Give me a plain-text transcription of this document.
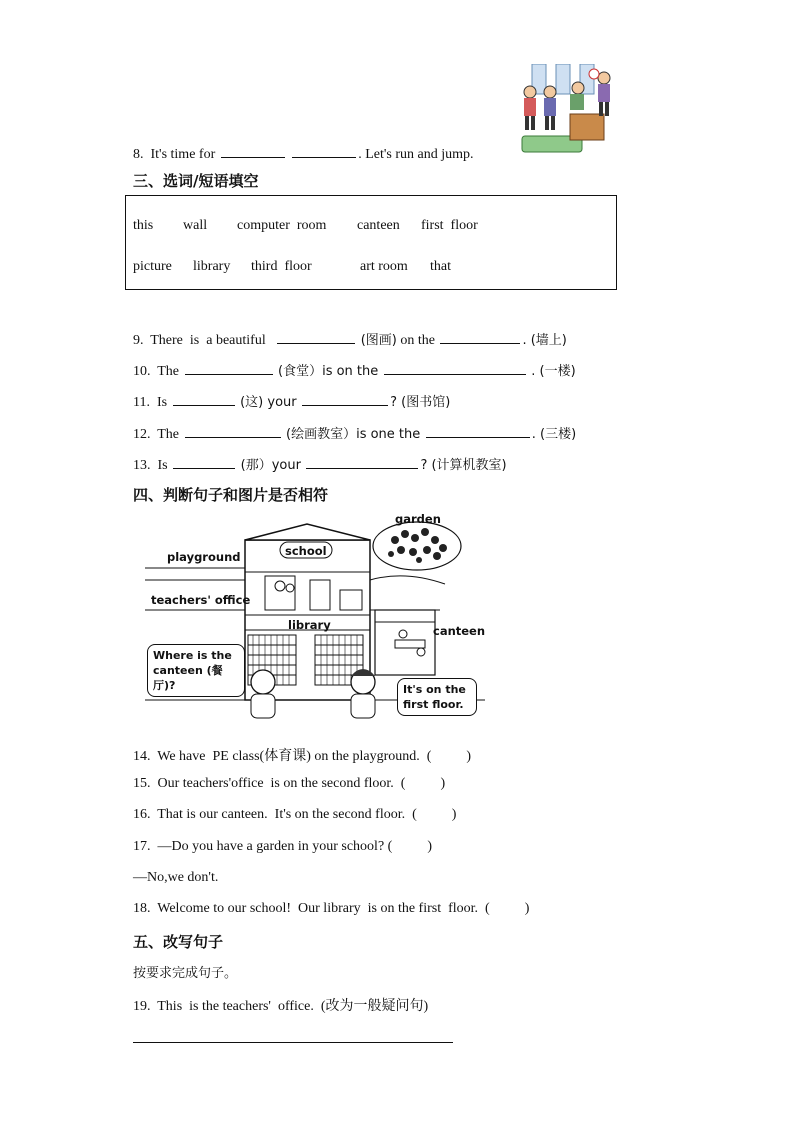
8. It's time for	. Let's run and jump.
三、选词/短语填空
this wall computer  room canteen first  floor
picture library third  floor	art room that
9. There  is  a beautiful	(图画) on the	. (墙上)
10. The	(食堂）is on the	. (一楼)
11. Is	(这) your	? (图书馆)
12. The	(绘画教室）is one the	. (三楼)
13. Is	(那）your	? (计算机教室)
四、判断句子和图片是否相符
garden
playground	school
teachers' office
library	canteen
Where is the
canteen (餐厅)?	It's on the
first floor.
14. We have  PE class(体育课) on the playground.  (          )
15. Our teachers'office  is on the second floor.  (          )
16. That is our canteen.  It's on the second floor.  (          )
17. —Do you have a garden in your school? (          )
—No,we don't.
18. Welcome to our school!  Our library  is on the first  floor.  (          )
五、改写句子
按要求完成句子。
19. This  is the teachers'  office.  (改为一般疑问句)
